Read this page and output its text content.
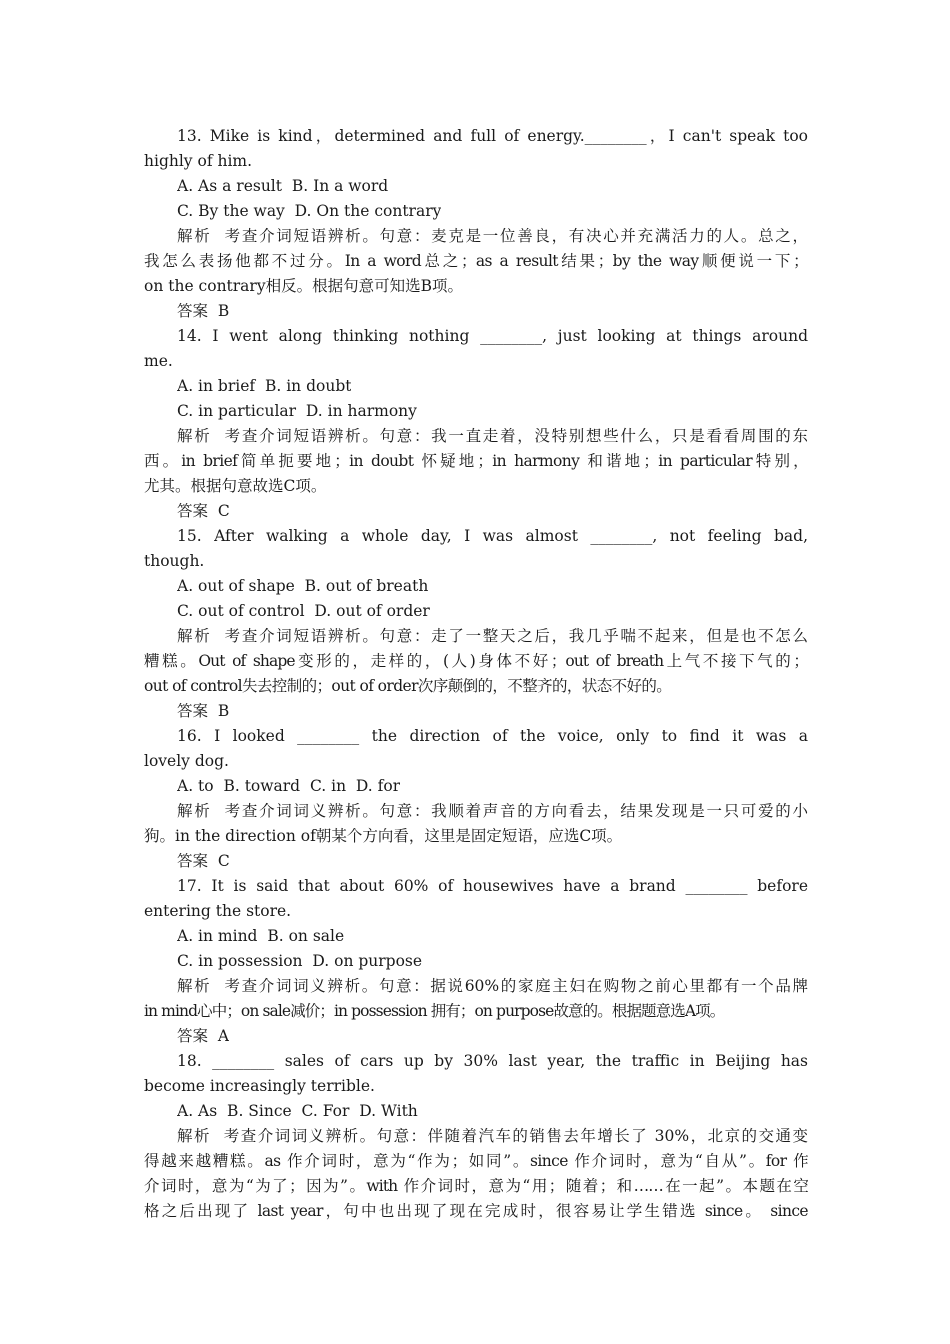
13. Mike is kind，determined and full of energy.________，I can't speak too
highly of him.
A. As a result  B. In a word
C. By the way  D. On the contrary
解析  考查介词短语辨析。句意：麦克是一位善良，有决心并充满活力的人。总之，
我怎么表扬他都不过分。In a word总之；as a result结果；by the way顺便说一下；
on the contrary相反。根据句意可知选B项。
答案  B
14. I went along thinking nothing ________, just looking at things around
me.
A. in brief  B. in doubt
C. in particular  D. in harmony
解析  考查介词短语辨析。句意：我一直走着，没特别想些什么，只是看看周围的东
西。in brief简单扼要地；in doubt 怀疑地；in harmony 和谐地；in particular特别，
尤其。根据句意故选C项。
答案  C
15. After walking a whole day, I was almost ________, not feeling bad,
though.
A. out of shape  B. out of breath
C. out of control  D. out of order
解析  考查介词短语辨析。句意：走了一整天之后，我几乎喘不起来，但是也不怎么
糟糕。Out of shape变形的，走样的，(人)身体不好；out of breath上气不接下气的；
out of control失去控制的；out of order次序颠倒的，不整齐的，状态不好的。
答案  B
16. I looked ________ the direction of the voice, only to find it was a
lovely dog.
A. to  B. toward  C. in  D. for
解析  考查介词词义辨析。句意：我顺着声音的方向看去，结果发现是一只可爱的小
狗。in the direction of朝某个方向看，这里是固定短语，应选C项。
答案  C
17. It is said that about 60% of housewives have a brand ________ before
entering the store.
A. in mind  B. on sale
C. in possession  D. on purpose
解析  考查介词词义辨析。句意：据说60%的家庭主妇在购物之前心里都有一个品牌
in mind心中；on sale减价；in possession 拥有；on purpose故意的。根据题意选A项。
答案  A
18. ________ sales of cars up by 30% last year, the traffic in Beijing has
become increasingly terrible.
A. As  B. Since  C. For  D. With
解析  考查介词词义辨析。句意：伴随着汽车的销售去年增长了 30%，北京的交通变
得越来越糟糕。as 作介词时，意为“作为；如同”。since 作介词时，意为“自从”。for 作
介词时，意为“为了；因为”。with 作介词时，意为“用；随着；和……在一起”。本题在空
格之后出现了 last year，句中也出现了现在完成时，很容易让学生错选 since。 since
